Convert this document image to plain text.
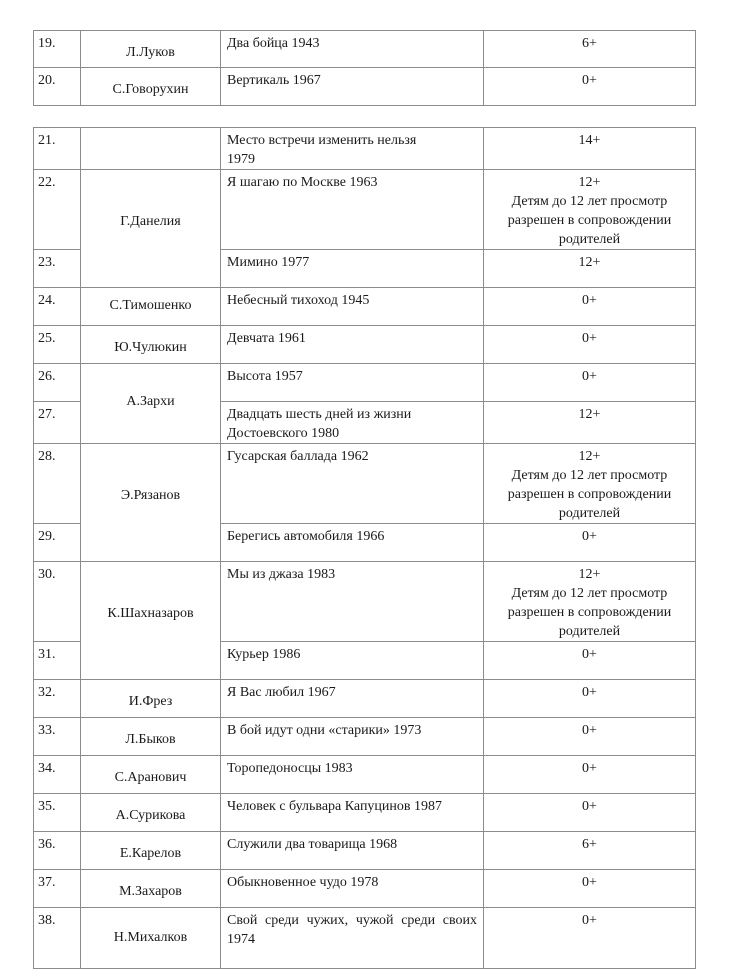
19.	Л.Луков	Два бойца 1943	6+
20.	С.Говорухин	Вертикаль 1967	0+
21.		Место встречи изменить нельзя 1979	14+
22.	Г.Данелия	Я шагаю по Москве 1963	12+
Детям до 12 лет просмотр разрешен в сопровождении родителей

23.		Мимино 1977	12+
24.	С.Тимошенко	Небесный тихоход 1945	0+
25.	Ю.Чулюкин	Девчата 1961	0+
26.	А.Зархи	Высота 1957	0+
27.		Двадцать шесть дней из жизни Достоевского 1980	12+
28.	Э.Рязанов	Гусарская баллада 1962	12+
Детям до 12 лет просмотр разрешен в сопровождении родителей

29.		Берегись автомобиля 1966	0+
30.	К.Шахназаров	Мы из джаза 1983	12+
Детям до 12 лет просмотр разрешен в сопровождении родителей

31.		Курьер 1986	0+
32.	И.Фрез	Я Вас любил 1967	0+
33.	Л.Быков	В бой идут одни «старики» 1973	0+
34.	С.Аранович	Торопедоносцы 1983	0+
35.	А.Сурикова	Человек с бульвара Капуцинов 1987	0+
36.	Е.Карелов	Служили два товарища 1968	6+
37.	М.Захаров	Обыкновенное чудо 1978	0+
38.	Н.Михалков	Свой среди чужих, чужой среди своих 1974	0+
